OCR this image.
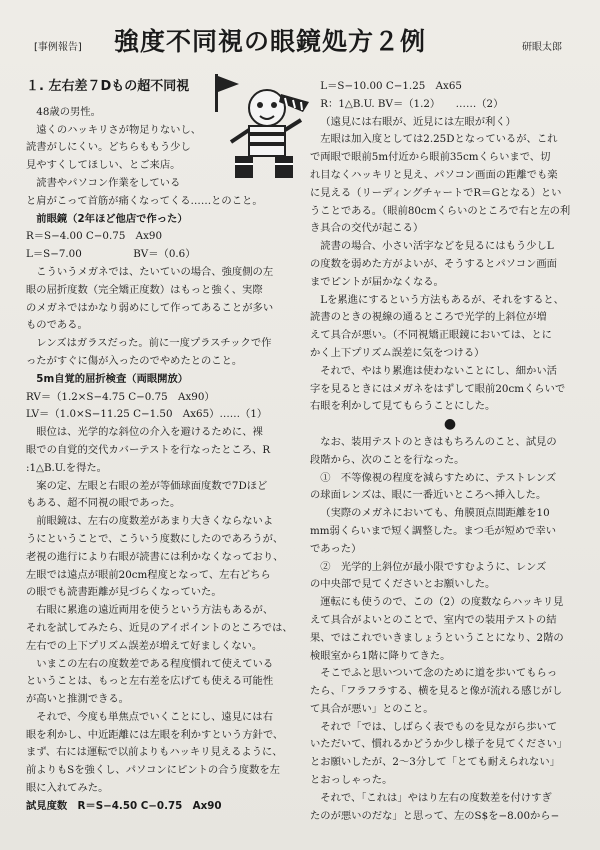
[事例報告] 強度不同視の眼鏡処方２例	研眼太郎

１. 左右差７Dもの超不同視

48歳の男性。

遠くのハッキリさが物足りないし、

読書がしにくい。どちらももう少し

見やすくしてほしい、とご来店。

読書やパソコン作業をしている

と肩がこって首筋が痛くなってくる……とのこと。

前眼鏡（2年ほど他店で作った）

R＝S−4.00 C−0.75　Ax90

L＝S−7.00　　　　　BV＝（0.6）

こういうメガネでは、たいていの場合、強度側の左

眼の屈折度数（完全矯正度数）はもっと強く、実際

のメガネではかなり弱めにして作ってあることが多い

ものである。

レンズはガラスだった。前に一度プラスチックで作

ったがすぐに傷が入ったのでやめたとのこと。

5m自覚的屈折検査（両眼開放）

RV＝（1.2×S−4.75 C−0.75　Ax90）

LV＝（1.0×S−11.25 C−1.50　Ax65）……（1）

眼位は、光学的な斜位の介入を避けるために、裸

眼での自覚的交代カバーテストを行なったところ、R

:1△B.U.を得た。

案の定、左眼と右眼の差が等価球面度数で7Dほど

もある、超不同視の眼であった。

前眼鏡は、左右の度数差があまり大きくならないよ

うにということで、こういう度数にしたのであろうが、

老視の進行により右眼が読書には利かなくなっており、

左眼では遠点が眼前20cm程度となって、左右どちら

の眼でも読書距離が見づらくなっていた。

右眼に累進の遠近両用を使うという方法もあるが、

それを試してみたら、近見のアイポイントのところでは、

左右での上下プリズム誤差が増えて好ましくない。

いまこの左右の度数差である程度慣れて使えている

ということは、もっと左右差を広げても使える可能性

が高いと推測できる。

それで、今度も単焦点でいくことにし、遠見には右

眼を利かし、中近距離には左眼を利かすという方針で、

まず、右には運転で以前よりもハッキリ見えるように、

前よりもSを強くし、パソコンにピントの合う度数を左

眼に入れてみた。

試見度数　R＝S−4.50 C−0.75　Ax90

L＝S−10.00 C−1.25　Ax65

R：1△B.U. BV＝（1.2）　　……（2）

（遠見には右眼が、近見には左眼が利く）

左眼は加入度としては2.25Dとなっているが、これ

で両眼で眼前5m付近から眼前35cmくらいまで、切

れ目なくハッキリと見え、パソコン画面の距離でも楽

に見える（リーディングチャートでR＝Gとなる）とい

うことである。（眼前80cmくらいのところで右と左の利

き具合の交代が起こる）

読書の場合、小さい活字などを見るにはもう少しL

の度数を弱めた方がよいが、そうするとパソコン画面

までピントが届かなくなる。

Lを累進にするという方法もあるが、それをすると、

読書のときの視線の通るところで光学的上斜位が増

えて具合が悪い。（不同視矯正眼鏡においては、とに

かく上下プリズム誤差に気をつける）

それで、やはり累進は使わないことにし、細かい活

字を見るときにはメガネをはずして眼前20cmくらいで

右眼を利かして見てもらうことにした。

●

なお、装用テストのときはもちろんのこと、試見の

段階から、次のことを行なった。

①　不等像視の程度を減らすために、テストレンズ

の球面レンズは、眼に一番近いところへ挿入した。

（実際のメガネにおいても、角膜頂点間距離を10

mm弱くらいまで短く調整した。まつ毛が短めで幸い

であった）

②　光学的上斜位が最小限ですむように、レンズ

の中央部で見てくださいとお願いした。

運転にも使うので、この（2）の度数ならハッキリ見

えて具合がよいとのことで、室内での装用テストの結

果、ではこれでいきましょうということになり、2階の

検眼室から1階に降りてきた。

そこでふと思いついて念のために道を歩いてもらっ

たら、「フラフラする、横を見ると像が流れる感じがし

て具合が悪い」とのこと。

それで「では、しばらく表でものを見ながら歩いて

いただいて、慣れるかどうか少し様子を見てください」

とお願いしたが、2〜3分して「とても耐えられない」

とおっしゃった。

それで、「これは」やはり左右の度数差を付けすぎ

たのが悪いのだな」と思って、左のS$を−8.00から−
